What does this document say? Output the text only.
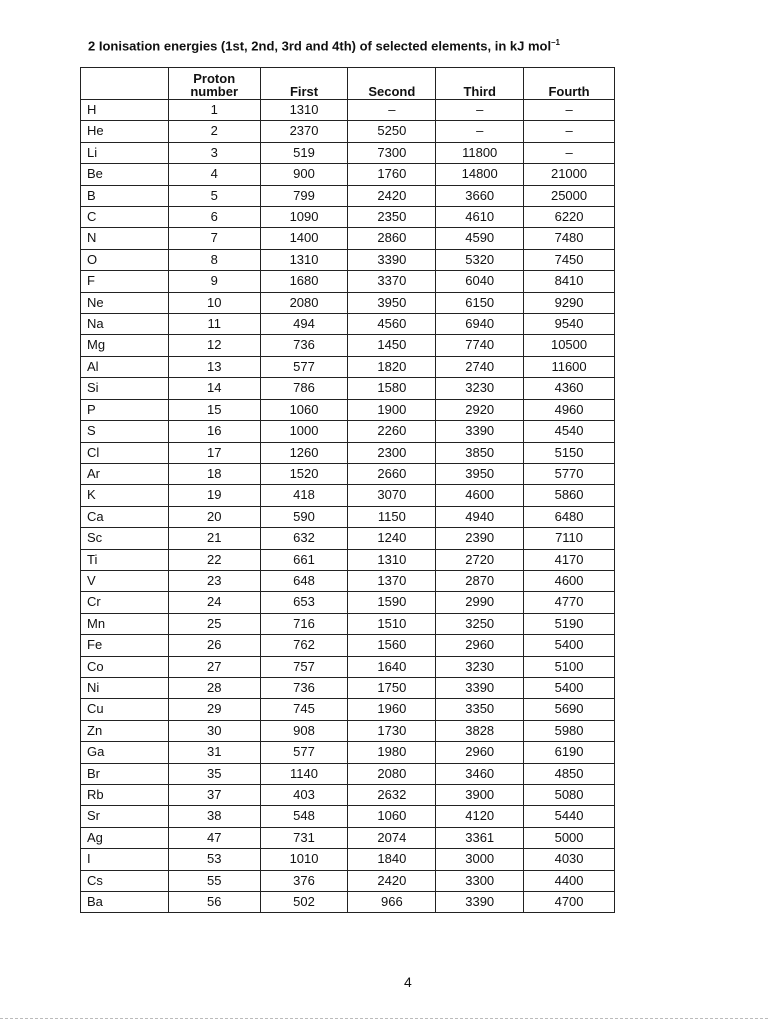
2 Ionisation energies (1st, 2nd, 3rd and 4th) of selected elements, in kJ mol$^{-1}$
	Proton number	First	Second	Third	Fourth
H	1	1310	–	–	–
He	2	2370	5250	–	–
Li	3	519	7300	11800	–
Be	4	900	1760	14800	21000
B	5	799	2420	3660	25000
C	6	1090	2350	4610	6220
N	7	1400	2860	4590	7480
O	8	1310	3390	5320	7450
F	9	1680	3370	6040	8410
Ne	10	2080	3950	6150	9290
Na	11	494	4560	6940	9540
Mg	12	736	1450	7740	10500
Al	13	577	1820	2740	11600
Si	14	786	1580	3230	4360
P	15	1060	1900	2920	4960
S	16	1000	2260	3390	4540
Cl	17	1260	2300	3850	5150
Ar	18	1520	2660	3950	5770
K	19	418	3070	4600	5860
Ca	20	590	1150	4940	6480
Sc	21	632	1240	2390	7110
Ti	22	661	1310	2720	4170
V	23	648	1370	2870	4600
Cr	24	653	1590	2990	4770
Mn	25	716	1510	3250	5190
Fe	26	762	1560	2960	5400
Co	27	757	1640	3230	5100
Ni	28	736	1750	3390	5400
Cu	29	745	1960	3350	5690
Zn	30	908	1730	3828	5980
Ga	31	577	1980	2960	6190
Br	35	1140	2080	3460	4850
Rb	37	403	2632	3900	5080
Sr	38	548	1060	4120	5440
Ag	47	731	2074	3361	5000
I	53	1010	1840	3000	4030
Cs	55	376	2420	3300	4400
Ba	56	502	966	3390	4700
4
